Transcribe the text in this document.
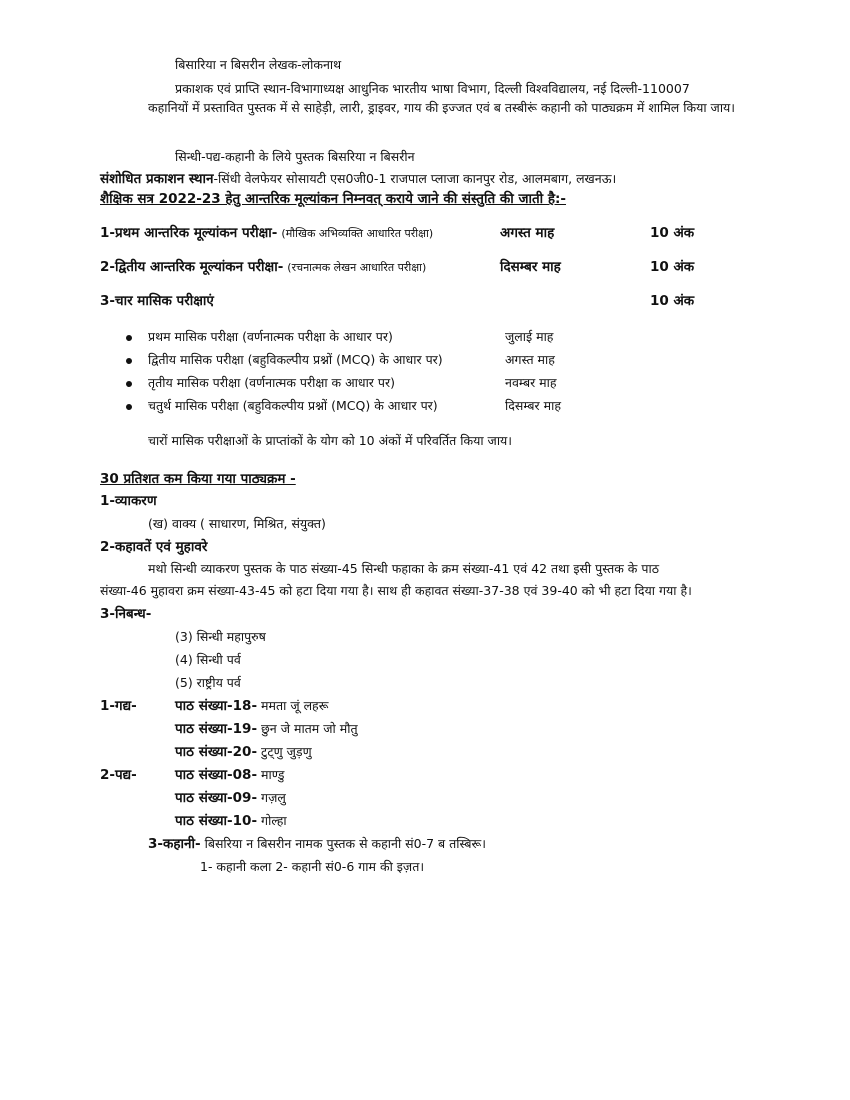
बिसारिया न बिसरीन लेखक-लोकनाथ
प्रकाशक एवं प्राप्ति स्थान-विभागाध्यक्ष आधुनिक भारतीय भाषा विभाग, दिल्ली विश्वविद्यालय, नई दिल्ली-110007
कहानियों में प्रस्तावित पुस्तक में से साहेड़ी, लारी, ड्राइवर, गाय की इज्जत एवं ब तस्बीरूं कहानी को पाठ्यक्रम में शामिल किया जाय।
सिन्धी-पद्य-कहानी के लिये पुस्तक बिसरिया न बिसरीन
संशोधित प्रकाशन स्थान-सिंधी वेलफेयर सोसायटी एस0जी0-1 राजपाल प्लाजा कानपुर रोड, आलमबाग, लखनऊ।
शैक्षिक सत्र 2022-23 हेतु आन्तरिक मूल्यांकन निम्नवत् कराये जाने की संस्तुति की जाती है:-
1-प्रथम आन्तरिक मूल्यांकन परीक्षा- (मौखिक अभिव्यक्ति आधारित परीक्षा)	अगस्त माह	10 अंक
2-द्वितीय आन्तरिक मूल्यांकन परीक्षा- (रचनात्मक लेखन आधारित परीक्षा)	दिसम्बर माह	10 अंक
3-चार मासिक परीक्षाएं	10 अंक
प्रथम मासिक परीक्षा (वर्णनात्मक परीक्षा के आधार पर)	जुलाई माह
द्वितीय मासिक परीक्षा (बहुविकल्पीय प्रश्नों (MCQ) के आधार पर)	अगस्त माह
तृतीय मासिक परीक्षा (वर्णनात्मक परीक्षा क आधार पर)	नवम्बर माह
चतुर्थ मासिक परीक्षा (बहुविकल्पीय प्रश्नों (MCQ) के आधार पर)	दिसम्बर माह
चारों मासिक परीक्षाओं के प्राप्तांकों के योग को 10 अंकों में परिवर्तित किया जाय।
30 प्रतिशत कम किया गया पाठ्यक्रम -
1-व्याकरण
(ख) वाक्य ( साधारण, मिश्रित, संयुक्त)
2-कहावतें एवं मुहावरे
मथो सिन्धी व्याकरण पुस्तक के पाठ संख्या-45 सिन्धी फहाका के क्रम संख्या-41 एवं 42 तथा इसी पुस्तक के पाठ
संख्या-46 मुहावरा क्रम संख्या-43-45 को हटा दिया गया है। साथ ही कहावत संख्या-37-38 एवं 39-40 को भी हटा दिया गया है।
3-निबन्ध-
(3) सिन्धी महापुरुष
(4) सिन्धी पर्व
(5) राष्ट्रीय पर्व
1-गद्य-	पाठ संख्या-18- ममता जूं लहरू
पाठ संख्या-19- छुन जे मातम जो मौतु
पाठ संख्या-20- टुट्णु जुड़णु
2-पद्य-	पाठ संख्या-08- माण्डु
पाठ संख्या-09- गज़लु
पाठ संख्या-10- गोल्हा
3-कहानी- बिसरिया न बिसरीन नामक पुस्तक से कहानी सं0-7 ब तस्बिरू।
1- कहानी कला 2- कहानी सं0-6 गाम की इज़त।
